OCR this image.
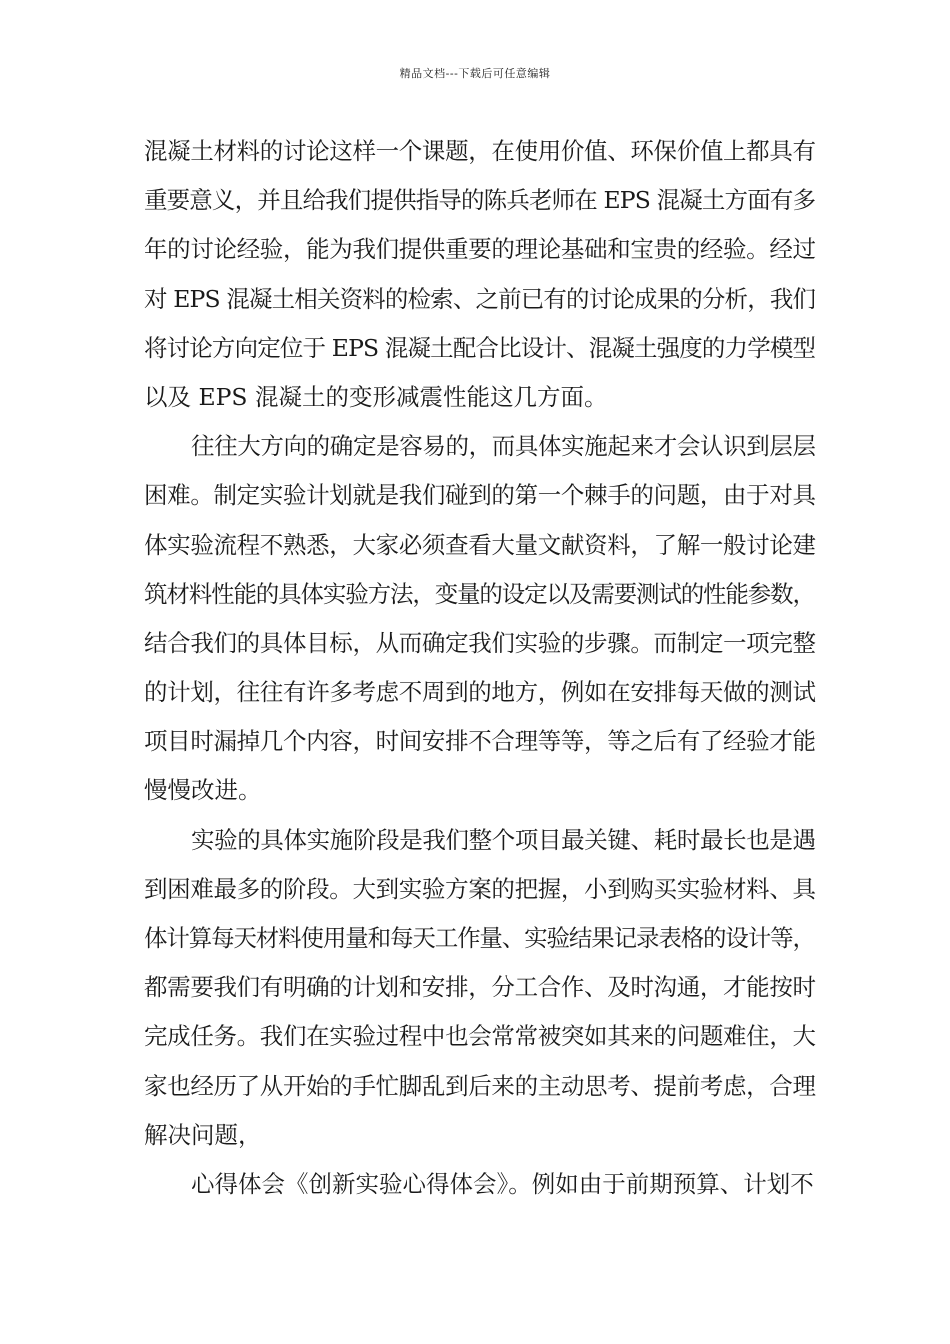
精品文档---下载后可任意编辑
混凝土材料的讨论这样一个课题，在使用价值、环保价值上都具有
重要意义，并且给我们提供指导的陈兵老师在 EPS 混凝土方面有多
年的讨论经验，能为我们提供重要的理论基础和宝贵的经验。经过
对 EPS 混凝土相关资料的检索、之前已有的讨论成果的分析，我们
将讨论方向定位于 EPS 混凝土配合比设计、混凝土强度的力学模型
以及 EPS 混凝土的变形减震性能这几方面。
往往大方向的确定是容易的，而具体实施起来才会认识到层层
困难。制定实验计划就是我们碰到的第一个棘手的问题，由于对具
体实验流程不熟悉，大家必须查看大量文献资料，了解一般讨论建
筑材料性能的具体实验方法，变量的设定以及需要测试的性能参数，
结合我们的具体目标，从而确定我们实验的步骤。而制定一项完整
的计划，往往有许多考虑不周到的地方，例如在安排每天做的测试
项目时漏掉几个内容，时间安排不合理等等，等之后有了经验才能
慢慢改进。
实验的具体实施阶段是我们整个项目最关键、耗时最长也是遇
到困难最多的阶段。大到实验方案的把握，小到购买实验材料、具
体计算每天材料使用量和每天工作量、实验结果记录表格的设计等，
都需要我们有明确的计划和安排，分工合作、及时沟通，才能按时
完成任务。我们在实验过程中也会常常被突如其来的问题难住，大
家也经历了从开始的手忙脚乱到后来的主动思考、提前考虑，合理
解决问题，
心得体会《创新实验心得体会》。例如由于前期预算、计划不
